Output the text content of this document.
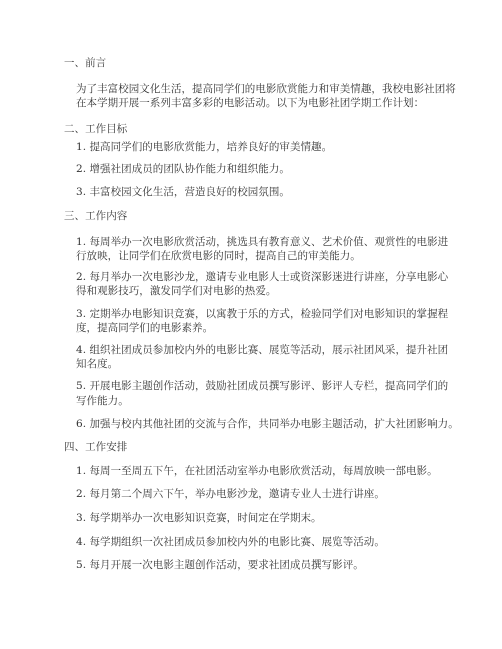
一、前言
为了丰富校园文化生活，提高同学们的电影欣赏能力和审美情趣，我校电影社团将
在本学期开展一系列丰富多彩的电影活动。以下为电影社团学期工作计划：
二、工作目标
1. 提高同学们的电影欣赏能力，培养良好的审美情趣。
2. 增强社团成员的团队协作能力和组织能力。
3. 丰富校园文化生活，营造良好的校园氛围。
三、工作内容
1. 每周举办一次电影欣赏活动，挑选具有教育意义、艺术价值、观赏性的电影进
行放映，让同学们在欣赏电影的同时，提高自己的审美能力。
2. 每月举办一次电影沙龙，邀请专业电影人士或资深影迷进行讲座，分享电影心
得和观影技巧，激发同学们对电影的热爱。
3. 定期举办电影知识竞赛，以寓教于乐的方式，检验同学们对电影知识的掌握程
度，提高同学们的电影素养。
4. 组织社团成员参加校内外的电影比赛、展览等活动，展示社团风采，提升社团
知名度。
5. 开展电影主题创作活动，鼓励社团成员撰写影评、影评人专栏，提高同学们的
写作能力。
6. 加强与校内其他社团的交流与合作，共同举办电影主题活动，扩大社团影响力。
四、工作安排
1. 每周一至周五下午，在社团活动室举办电影欣赏活动，每周放映一部电影。
2. 每月第二个周六下午，举办电影沙龙，邀请专业人士进行讲座。
3. 每学期举办一次电影知识竞赛，时间定在学期末。
4. 每学期组织一次社团成员参加校内外的电影比赛、展览等活动。
5. 每月开展一次电影主题创作活动，要求社团成员撰写影评。
